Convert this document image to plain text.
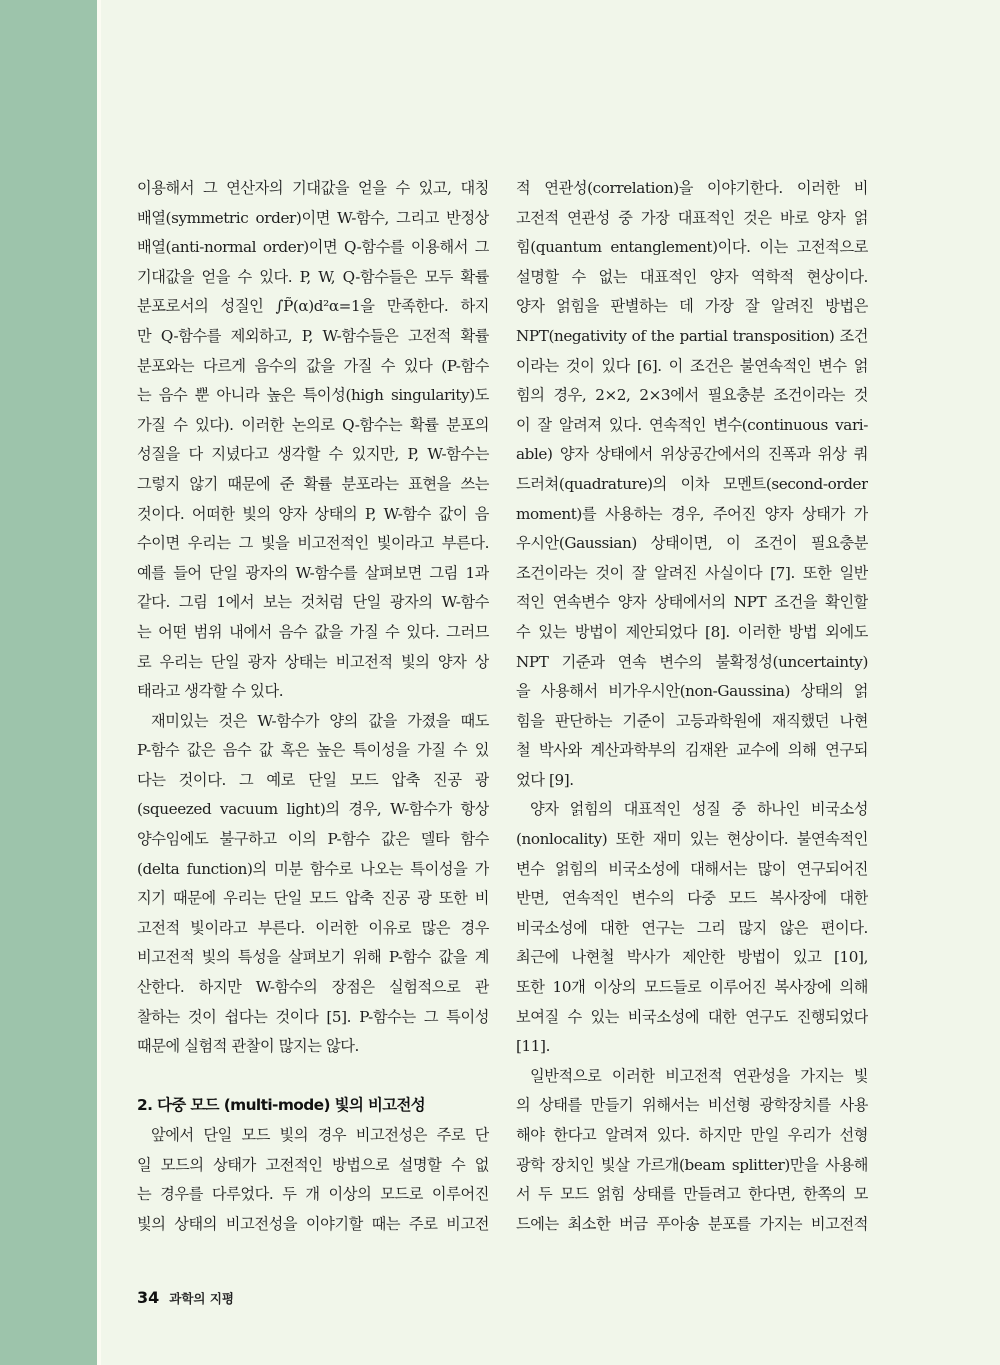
이용해서 그 연산자의 기대값을 얻을 수 있고, 대칭
배열(symmetric order)이면 W-함수, 그리고 반정상
배열(anti-normal order)이면 Q-함수를 이용해서 그
기대값을 얻을 수 있다. P, W, Q-함수들은 모두 확률
분포로서의 성질인 ∫P̃(α)d²α=1을 만족한다. 하지
만 Q-함수를 제외하고, P, W-함수들은 고전적 확률
분포와는 다르게 음수의 값을 가질 수 있다 (P-함수
는 음수 뿐 아니라 높은 특이성(high singularity)도
가질 수 있다). 이러한 논의로 Q-함수는 확률 분포의
성질을 다 지녔다고 생각할 수 있지만, P, W-함수는
그렇지 않기 때문에 준 확률 분포라는 표현을 쓰는
것이다. 어떠한 빛의 양자 상태의 P, W-함수 값이 음
수이면 우리는 그 빛을 비고전적인 빛이라고 부른다.
예를 들어 단일 광자의 W-함수를 살펴보면 그림 1과
같다. 그림 1에서 보는 것처럼 단일 광자의 W-함수
는 어떤 범위 내에서 음수 값을 가질 수 있다. 그러므
로 우리는 단일 광자 상태는 비고전적 빛의 양자 상
태라고 생각할 수 있다.
재미있는 것은 W-함수가 양의 값을 가졌을 때도
P-함수 값은 음수 값 혹은 높은 특이성을 가질 수 있
다는 것이다. 그 예로 단일 모드 압축 진공 광
(squeezed vacuum light)의 경우, W-함수가 항상
양수임에도 불구하고 이의 P-함수 값은 델타 함수
(delta function)의 미분 함수로 나오는 특이성을 가
지기 때문에 우리는 단일 모드 압축 진공 광 또한 비
고전적 빛이라고 부른다. 이러한 이유로 많은 경우
비고전적 빛의 특성을 살펴보기 위해 P-함수 값을 계
산한다. 하지만 W-함수의 장점은 실험적으로 관
찰하는 것이 쉽다는 것이다 [5]. P-함수는 그 특이성
때문에 실험적 관찰이 많지는 않다.
2. 다중 모드 (multi-mode) 빛의 비고전성
앞에서 단일 모드 빛의 경우 비고전성은 주로 단
일 모드의 상태가 고전적인 방법으로 설명할 수 없
는 경우를 다루었다. 두 개 이상의 모드로 이루어진
빛의 상태의 비고전성을 이야기할 때는 주로 비고전
적 연관성(correlation)을 이야기한다. 이러한 비
고전적 연관성 중 가장 대표적인 것은 바로 양자 얽
힘(quantum entanglement)이다. 이는 고전적으로
설명할 수 없는 대표적인 양자 역학적 현상이다.
양자 얽힘을 판별하는 데 가장 잘 알려진 방법은
NPT(negativity of the partial transposition) 조건
이라는 것이 있다 [6]. 이 조건은 불연속적인 변수 얽
힘의 경우, 2×2, 2×3에서 필요충분 조건이라는 것
이 잘 알려져 있다. 연속적인 변수(continuous vari-
able) 양자 상태에서 위상공간에서의 진폭과 위상 쿼
드러쳐(quadrature)의 이차 모멘트(second-order
moment)를 사용하는 경우, 주어진 양자 상태가 가
우시안(Gaussian) 상태이면, 이 조건이 필요충분
조건이라는 것이 잘 알려진 사실이다 [7]. 또한 일반
적인 연속변수 양자 상태에서의 NPT 조건을 확인할
수 있는 방법이 제안되었다 [8]. 이러한 방법 외에도
NPT 기준과 연속 변수의 불확정성(uncertainty)
을 사용해서 비가우시안(non-Gaussina) 상태의 얽
힘을 판단하는 기준이 고등과학원에 재직했던 나현
철 박사와 계산과학부의 김재완 교수에 의해 연구되
었다 [9].
양자 얽힘의 대표적인 성질 중 하나인 비국소성
(nonlocality) 또한 재미 있는 현상이다. 불연속적인
변수 얽힘의 비국소성에 대해서는 많이 연구되어진
반면, 연속적인 변수의 다중 모드 복사장에 대한
비국소성에 대한 연구는 그리 많지 않은 편이다.
최근에 나현철 박사가 제안한 방법이 있고 [10],
또한 10개 이상의 모드들로 이루어진 복사장에 의해
보여질 수 있는 비국소성에 대한 연구도 진행되었다
[11].
일반적으로 이러한 비고전적 연관성을 가지는 빛
의 상태를 만들기 위해서는 비선형 광학장치를 사용
해야 한다고 알려져 있다. 하지만 만일 우리가 선형
광학 장치인 빛살 가르개(beam splitter)만을 사용해
서 두 모드 얽힘 상태를 만들려고 한다면, 한쪽의 모
드에는 최소한 버금 푸아송 분포를 가지는 비고전적
34 과학의 지평
